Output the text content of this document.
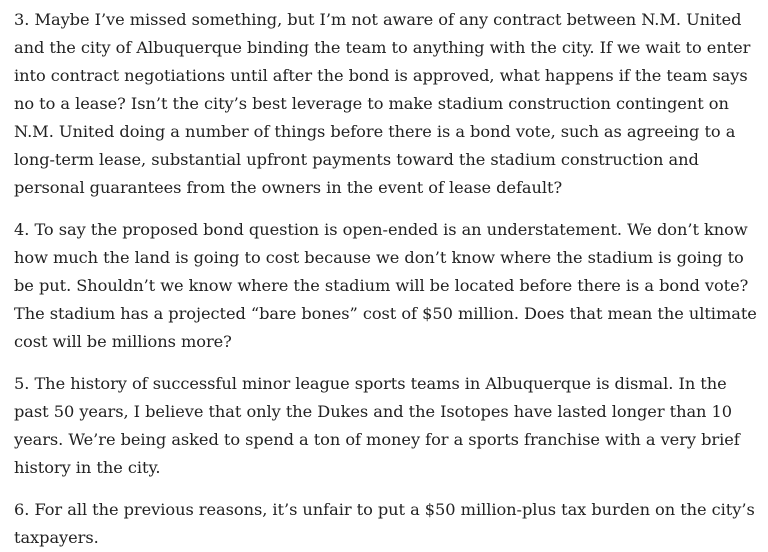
3. Maybe I’ve missed something, but I’m not aware of any contract between N.M. United and the city of Albuquerque binding the team to anything with the city. If we wait to enter into contract negotiations until after the bond is approved, what happens if the team says no to a lease? Isn’t the city’s best leverage to make stadium construction contingent on N.M. United doing a number of things before there is a bond vote, such as agreeing to a long-term lease, substantial upfront payments toward the stadium construction and personal guarantees from the owners in the event of lease default?

4. To say the proposed bond question is open-ended is an understatement. We don’t know how much the land is going to cost because we don’t know where the stadium is going to be put. Shouldn’t we know where the stadium will be located before there is a bond vote? The stadium has a projected “bare bones” cost of $50 million. Does that mean the ultimate cost will be millions more?

5. The history of successful minor league sports teams in Albuquerque is dismal. In the past 50 years, I believe that only the Dukes and the Isotopes have lasted longer than 10 years. We’re being asked to spend a ton of money for a sports franchise with a very brief history in the city.

6. For all the previous reasons, it’s unfair to put a $50 million-plus tax burden on the city’s taxpayers.
